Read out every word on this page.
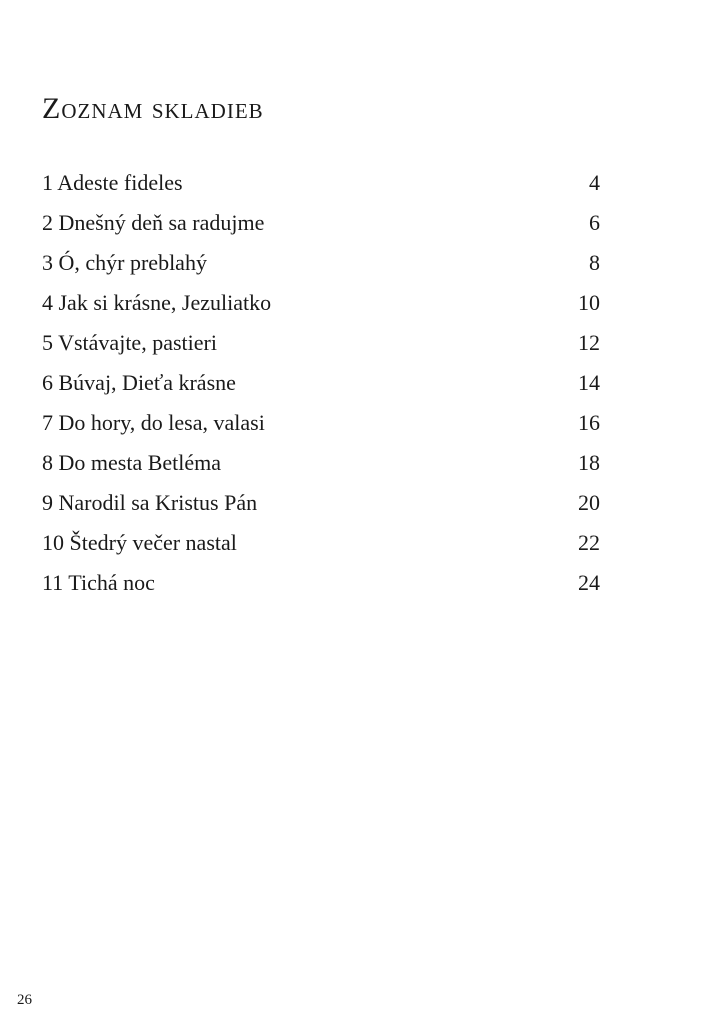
Zoznam skladieb
1 Adeste fideles	4
2 Dnešný deň sa radujme	6
3 Ó, chýr preblahý	8
4 Jak si krásne, Jezuliatko	10
5 Vstávajte, pastieri	12
6 Búvaj, Dieťa krásne	14
7 Do hory, do lesa, valasi	16
8 Do mesta Betléma	18
9 Narodil sa Kristus Pán	20
10 Štedrý večer nastal	22
11 Tichá noc	24
26
